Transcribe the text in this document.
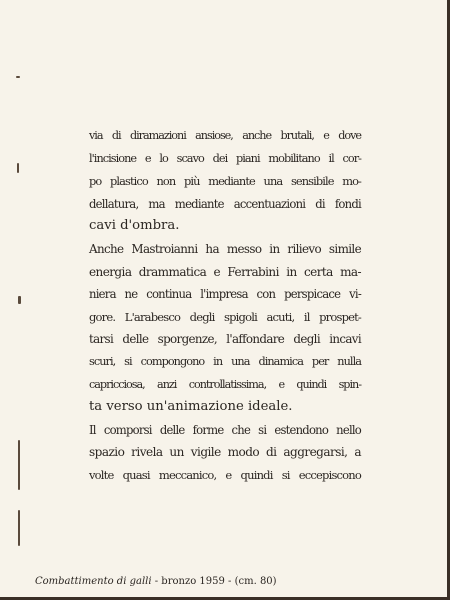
via di diramazioni ansiose, anche brutali, e dove
l'incisione e lo scavo dei piani mobilitano il cor-
po plastico non più mediante una sensibile mo-
dellatura, ma mediante accentuazioni di fondi
cavi d'ombra.
Anche Mastroianni ha messo in rilievo simile
energia drammatica e Ferrabini in certa ma-
niera ne continua l'impresa con perspicace vi-
gore. L'arabesco degli spigoli acuti, il prospet-
tarsi delle sporgenze, l'affondare degli incavi
scuri, si compongono in una dinamica per nulla
capricciosa, anzi controllatissima, e quindi spin-
ta verso un'animazione ideale.
Il comporsi delle forme che si estendono nello
spazio rivela un vigile modo di aggregarsi, a
volte quasi meccanico, e quindi si eccepiscono
Combattimento di galli - bronzo 1959 - (cm. 80)
